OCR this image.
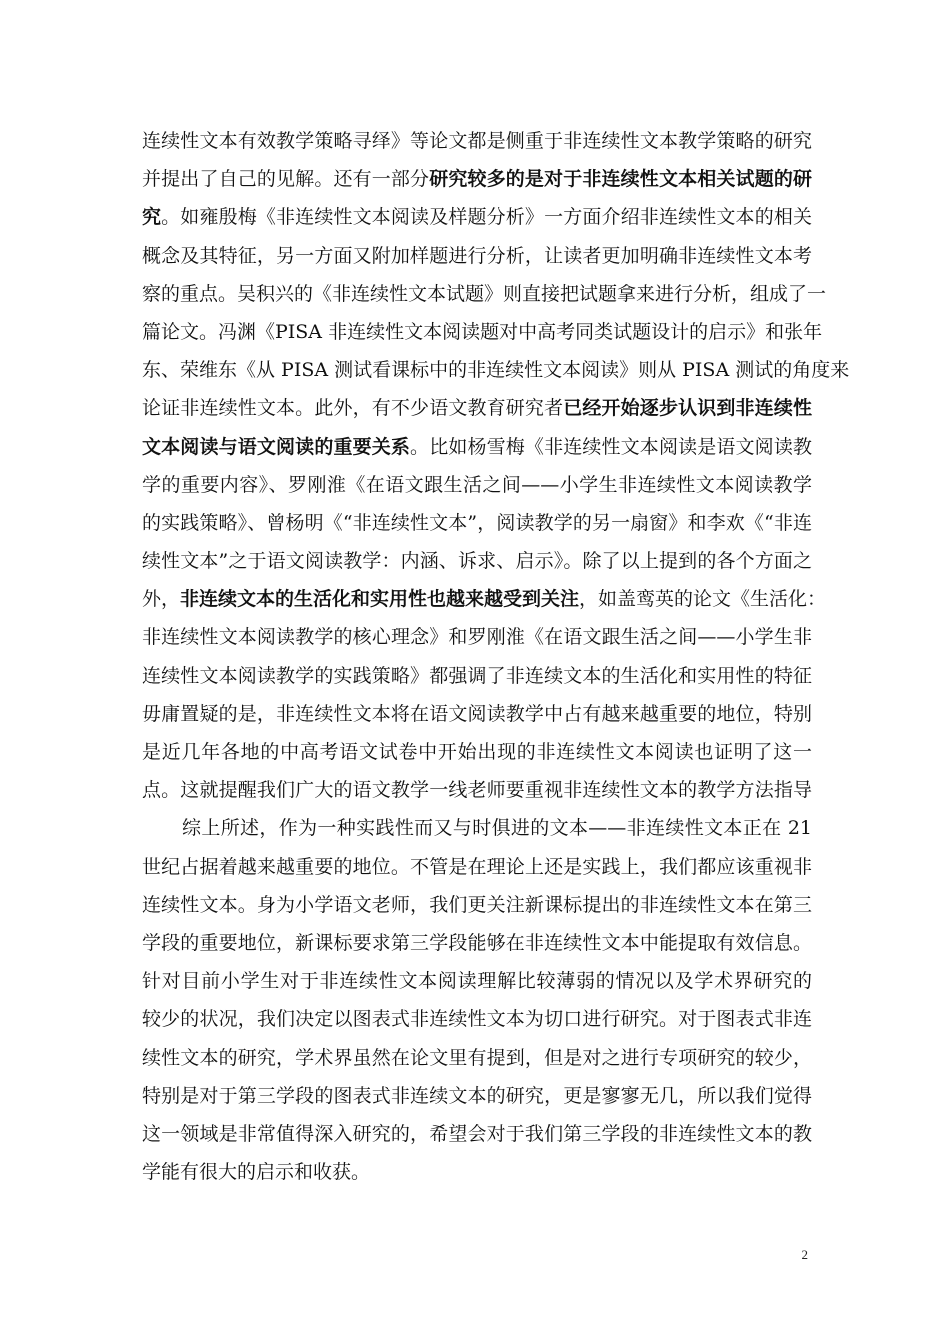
连续性文本有效教学策略寻绎》等论文都是侧重于非连续性文本教学策略的研究
并提出了自己的见解。还有一部分研究较多的是对于非连续性文本相关试题的研
究。如雍殷梅《非连续性文本阅读及样题分析》一方面介绍非连续性文本的相关
概念及其特征，另一方面又附加样题进行分析，让读者更加明确非连续性文本考
察的重点。吴积兴的《非连续性文本试题》则直接把试题拿来进行分析，组成了一
篇论文。冯渊《PISA 非连续性文本阅读题对中高考同类试题设计的启示》和张年
东、荣维东《从 PISA 测试看课标中的非连续性文本阅读》则从 PISA 测试的角度来
论证非连续性文本。此外，有不少语文教育研究者已经开始逐步认识到非连续性
文本阅读与语文阅读的重要关系。比如杨雪梅《非连续性文本阅读是语文阅读教
学的重要内容》、罗刚淮《在语文跟生活之间——小学生非连续性文本阅读教学
的实践策略》、曾杨明《“非连续性文本”，阅读教学的另一扇窗》和李欢《“非连
续性文本”之于语文阅读教学：内涵、诉求、启示》。除了以上提到的各个方面之
外，非连续文本的生活化和实用性也越来越受到关注，如盖鸾英的论文《生活化：
非连续性文本阅读教学的核心理念》和罗刚淮《在语文跟生活之间——小学生非
连续性文本阅读教学的实践策略》都强调了非连续文本的生活化和实用性的特征
毋庸置疑的是，非连续性文本将在语文阅读教学中占有越来越重要的地位，特别
是近几年各地的中高考语文试卷中开始出现的非连续性文本阅读也证明了这一
点。这就提醒我们广大的语文教学一线老师要重视非连续性文本的教学方法指导
综上所述，作为一种实践性而又与时俱进的文本——非连续性文本正在 21
世纪占据着越来越重要的地位。不管是在理论上还是实践上，我们都应该重视非
连续性文本。身为小学语文老师，我们更关注新课标提出的非连续性文本在第三
学段的重要地位，新课标要求第三学段能够在非连续性文本中能提取有效信息。
针对目前小学生对于非连续性文本阅读理解比较薄弱的情况以及学术界研究的
较少的状况，我们决定以图表式非连续性文本为切口进行研究。对于图表式非连
续性文本的研究，学术界虽然在论文里有提到，但是对之进行专项研究的较少，
特别是对于第三学段的图表式非连续文本的研究，更是寥寥无几，所以我们觉得
这一领域是非常值得深入研究的，希望会对于我们第三学段的非连续性文本的教
学能有很大的启示和收获。
2
